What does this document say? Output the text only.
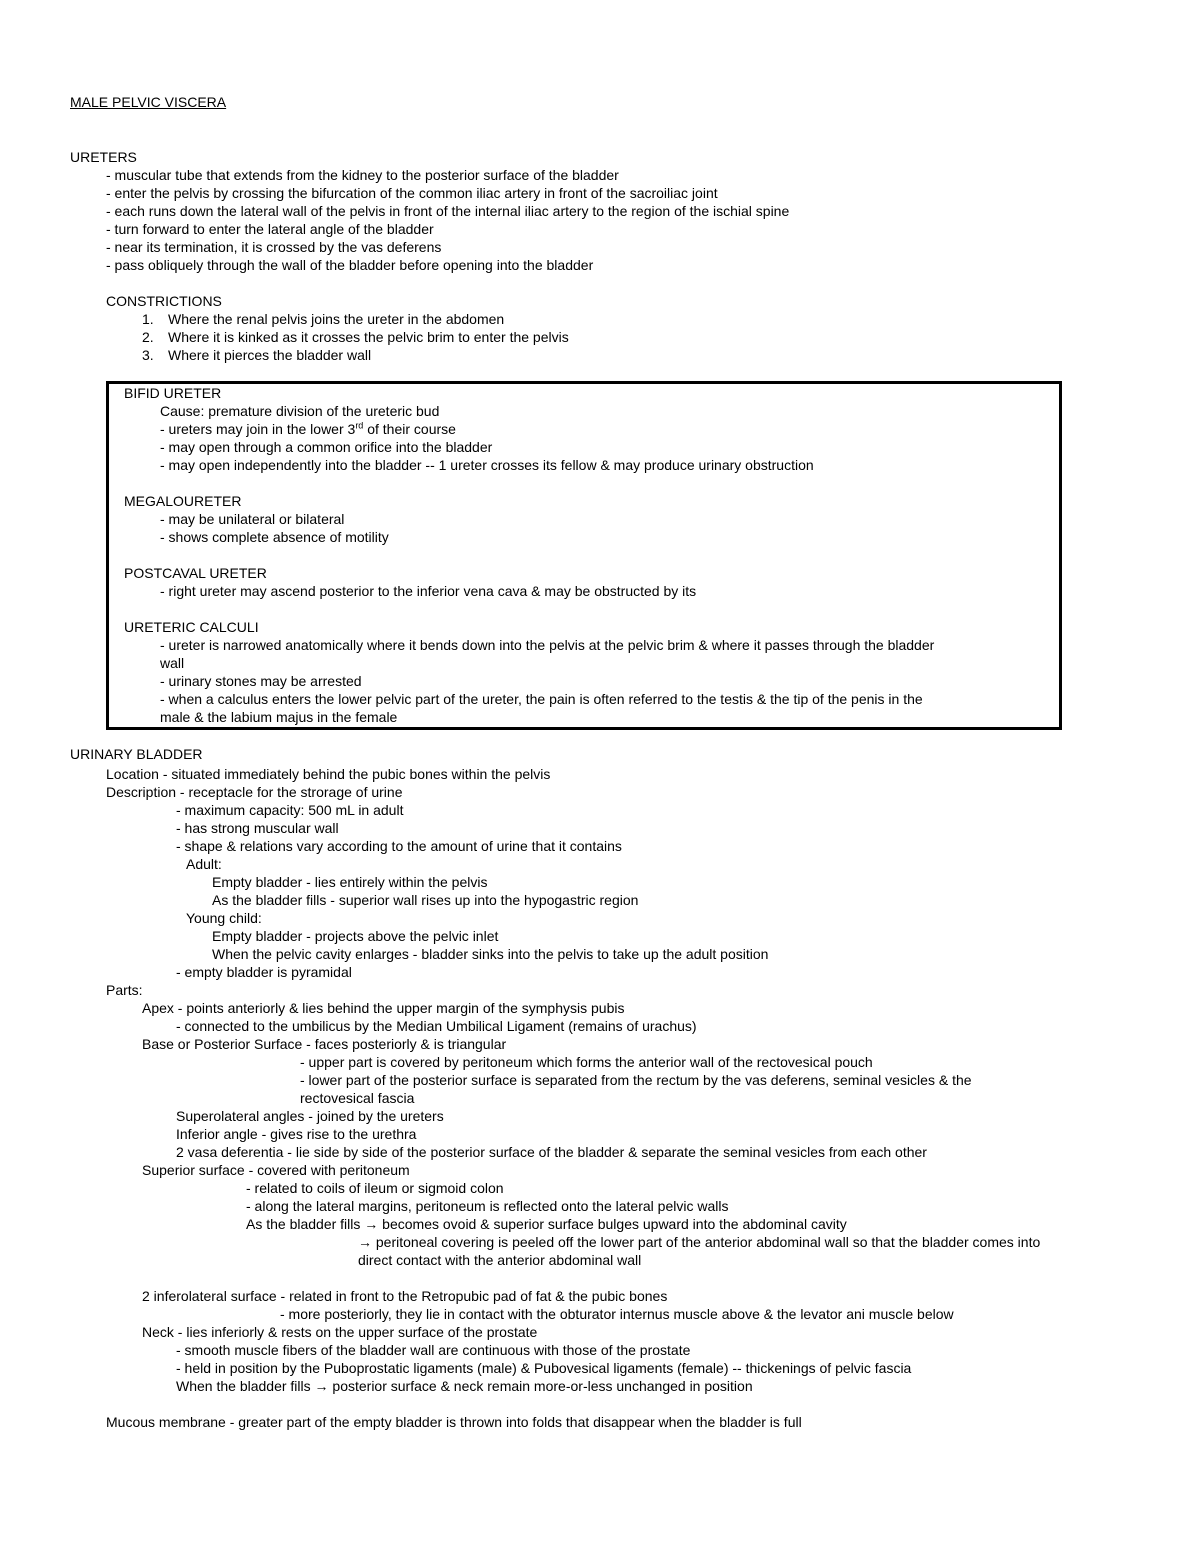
MALE PELVIC VISCERA
URETERS
- muscular tube that extends from the kidney to the posterior surface of the bladder
- enter the pelvis by crossing the bifurcation of the common iliac artery in front of the sacroiliac joint
- each runs down the lateral wall of the pelvis in front of the internal iliac artery to the region of the ischial spine
- turn forward to enter the lateral angle of the bladder
- near its termination, it is crossed by the vas deferens
- pass obliquely through the wall of the bladder before opening into the bladder
CONSTRICTIONS
1. Where the renal pelvis joins the ureter in the abdomen
2. Where it is kinked as it crosses the pelvic brim to enter the pelvis
3. Where it pierces the bladder wall
BIFID URETER
Cause: premature division of the ureteric bud
- ureters may join in the lower 3rd of their course
- may open through a common orifice into the bladder
- may open independently into the bladder -- 1 ureter crosses its fellow & may produce urinary obstruction
MEGALOURETER
- may be unilateral or bilateral
- shows complete absence of motility
POSTCAVAL URETER
- right ureter may ascend posterior to the inferior vena cava & may be obstructed by its
URETERIC CALCULI
- ureter is narrowed anatomically where it bends down into the pelvis at the pelvic brim & where it passes through the bladder
wall
- urinary stones may be arrested
- when a calculus enters the lower pelvic part of the ureter, the pain is often referred to the testis & the tip of the penis in the
male & the labium majus in the female
URINARY BLADDER
Location - situated immediately behind the pubic bones within the pelvis
Description - receptacle for the strorage of urine
- maximum capacity: 500 mL in adult
- has strong muscular wall
- shape & relations vary according to the amount of urine that it contains
Adult:
Empty bladder - lies entirely within the pelvis
As the bladder fills - superior wall rises up into the hypogastric region
Young child:
Empty bladder - projects above the pelvic inlet
When the pelvic cavity enlarges - bladder sinks into the pelvis to take up the adult position
- empty bladder is pyramidal
Parts:
Apex - points anteriorly & lies behind the upper margin of the symphysis pubis
- connected to the umbilicus by the Median Umbilical Ligament (remains of urachus)
Base or Posterior Surface - faces posteriorly & is triangular
- upper part is covered by peritoneum which forms the anterior wall of the rectovesical pouch
- lower part of the posterior surface is separated from the rectum by the vas deferens, seminal vesicles & the
rectovesical fascia
Superolateral angles - joined by the ureters
Inferior angle - gives rise to the urethra
2 vasa deferentia - lie side by side of the posterior surface of the bladder & separate the seminal vesicles from each other
Superior surface - covered with peritoneum
- related to coils of ileum or sigmoid colon
- along the lateral margins, peritoneum is reflected onto the lateral pelvic walls
As the bladder fills → becomes ovoid & superior surface bulges upward into the abdominal cavity
→ peritoneal covering is peeled off the lower part of the anterior abdominal wall so that the bladder comes into
direct contact with the anterior abdominal wall
2 inferolateral surface - related in front to the Retropubic pad of fat & the pubic bones
- more posteriorly, they lie in contact with the obturator internus muscle above & the levator ani muscle below
Neck - lies inferiorly & rests on the upper surface of the prostate
- smooth muscle fibers of the bladder wall are continuous with those of the prostate
- held in position by the Puboprostatic ligaments (male) & Pubovesical ligaments (female) -- thickenings of pelvic fascia
When the bladder fills → posterior surface & neck remain more-or-less unchanged in position
Mucous membrane - greater part of the empty bladder is thrown into folds that disappear when the bladder is full
